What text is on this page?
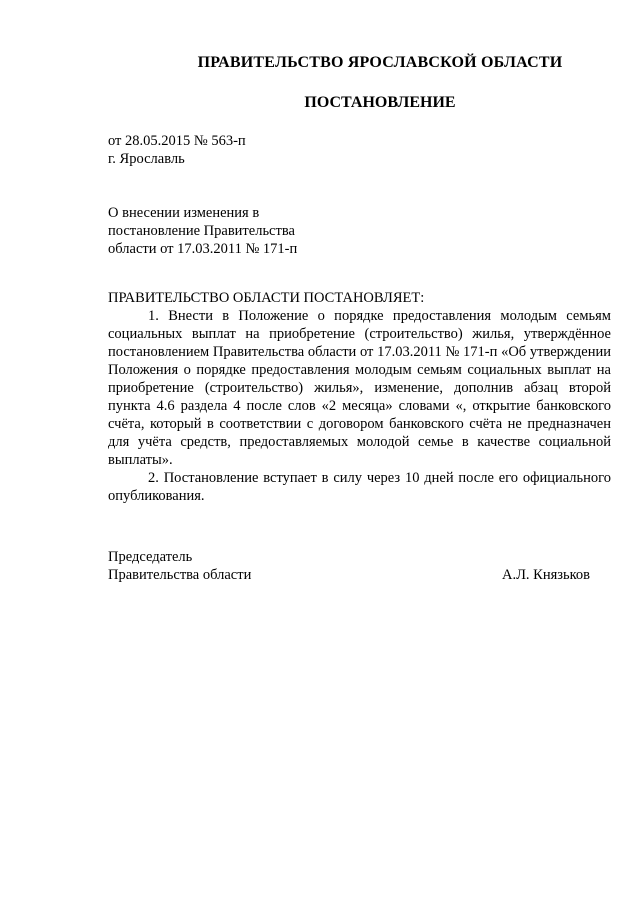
ПРАВИТЕЛЬСТВО ЯРОСЛАВСКОЙ ОБЛАСТИ
ПОСТАНОВЛЕНИЕ
от 28.05.2015 № 563-п
г. Ярославль
О внесении изменения в
постановление Правительства
области от 17.03.2011 № 171-п

ПРАВИТЕЛЬСТВО ОБЛАСТИ ПОСТАНОВЛЯЕТ:

1. Внести в Положение о порядке предоставления молодым семьям социальных выплат на приобретение (строительство) жилья, утверждённое постановлением Правительства области от 17.03.2011 № 171-п «Об утверждении Положения о порядке предоставления молодым семьям социальных выплат на приобретение (строительство) жилья», изменение, дополнив абзац второй пункта 4.6 раздела 4 после слов «2 месяца» словами «, открытие банковского счёта, который в соответствии с договором банковского счёта не предназначен для учёта средств, предоставляемых молодой семье в качестве социальной выплаты».

2. Постановление вступает в силу через 10 дней после его официального опубликования.

Председатель
Правительства области	А.Л. Князьков
